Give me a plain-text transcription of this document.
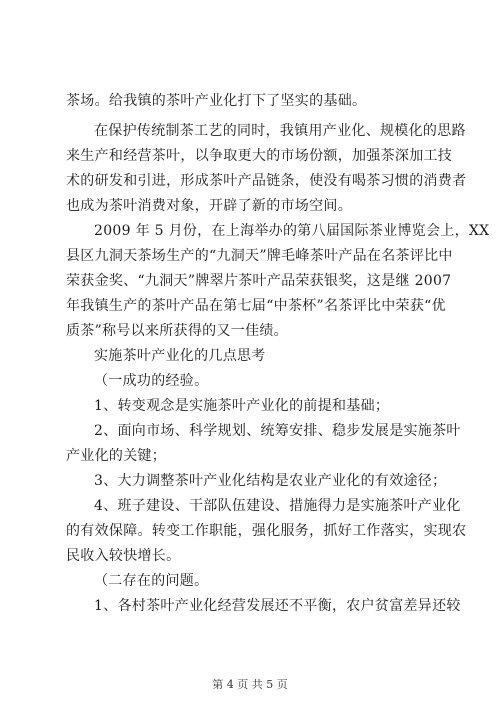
茶场。给我镇的茶叶产业化打下了坚实的基础。
在保护传统制茶工艺的同时，我镇用产业化、规模化的思路
来生产和经营茶叶，以争取更大的市场份额，加强茶深加工技
术的研发和引进，形成茶叶产品链条，使没有喝茶习惯的消费者
也成为茶叶消费对象，开辟了新的市场空间。
2009 年 5 月份，在上海举办的第八届国际茶业博览会上，XX
县区九洞天茶场生产的“九洞天”牌毛峰茶叶产品在名茶评比中
荣获金奖、“九洞天”牌翠片茶叶产品荣获银奖，这是继 2007
年我镇生产的茶叶产品在第七届“中茶杯”名茶评比中荣获“优
质茶”称号以来所获得的又一佳绩。
实施茶叶产业化的几点思考
（一成功的经验。
1、转变观念是实施茶叶产业化的前提和基础；
2、面向市场、科学规划、统筹安排、稳步发展是实施茶叶
产业化的关键；
3、大力调整茶叶产业化结构是农业产业化的有效途径；
4、班子建设、干部队伍建设、措施得力是实施茶叶产业化
的有效保障。转变工作职能，强化服务，抓好工作落实，实现农
民收入较快增长。
（二存在的问题。
1、各村茶叶产业化经营发展还不平衡，农户贫富差异还较
第 4 页 共 5 页
